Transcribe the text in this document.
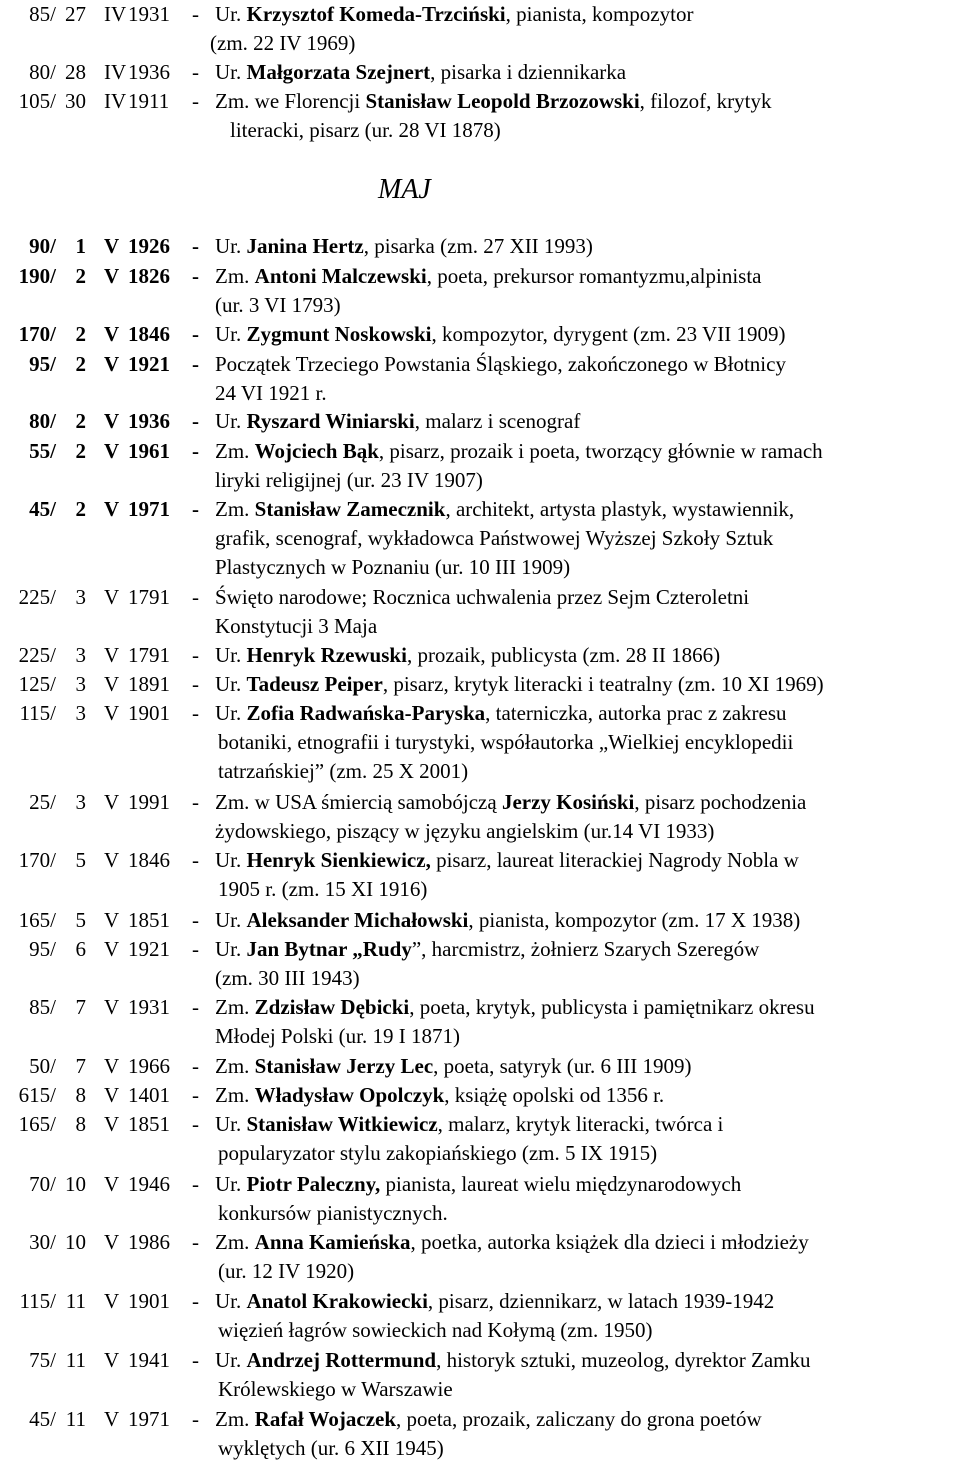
MAJ
85/ 27 IV 1931 - Ur. Krzysztof Komeda-Trzciński, pianista, kompozytor
(zm. 22 IV 1969)
80/ 28 IV 1936 - Ur. Małgorzata Szejnert, pisarka i dziennikarka
105/ 30 IV 1911 - Zm. we Florencji Stanisław Leopold Brzozowski, filozof, krytyk
literacki, pisarz (ur. 28 VI 1878)
90/ 1 V 1926 - Ur. Janina Hertz, pisarka (zm. 27 XII 1993)
190/ 2 V 1826 - Zm. Antoni Malczewski, poeta, prekursor romantyzmu,alpinista
(ur. 3 VI 1793)
170/ 2 V 1846 - Ur. Zygmunt Noskowski, kompozytor, dyrygent (zm. 23 VII 1909)
95/ 2 V 1921 - Początek Trzeciego Powstania Śląskiego, zakończonego w Błotnicy
24 VI 1921 r.
80/ 2 V 1936 - Ur. Ryszard Winiarski, malarz i scenograf
55/ 2 V 1961 - Zm. Wojciech Bąk, pisarz, prozaik i poeta, tworzący głównie w ramach
liryki religijnej (ur. 23 IV 1907)
45/ 2 V 1971 - Zm. Stanisław Zamecznik, architekt, artysta plastyk, wystawiennik,
grafik, scenograf, wykładowca Państwowej Wyższej Szkoły Sztuk
Plastycznych w Poznaniu (ur. 10 III 1909)
225/ 3 V 1791 - Święto narodowe; Rocznica uchwalenia przez Sejm Czteroletni
Konstytucji 3 Maja
225/ 3 V 1791 - Ur. Henryk Rzewuski, prozaik, publicysta (zm. 28 II 1866)
125/ 3 V 1891 - Ur. Tadeusz Peiper, pisarz, krytyk literacki i teatralny (zm. 10 XI 1969)
115/ 3 V 1901 - Ur. Zofia Radwańska-Paryska, taterniczka, autorka prac z zakresu
botaniki, etnografii i turystyki, współautorka „Wielkiej encyklopedii
tatrzańskiej” (zm. 25 X 2001)
25/ 3 V 1991 - Zm. w USA śmiercią samobójczą Jerzy Kosiński, pisarz pochodzenia
żydowskiego, piszący w języku angielskim (ur.14 VI 1933)
170/ 5 V 1846 - Ur. Henryk Sienkiewicz, pisarz, laureat literackiej Nagrody Nobla w
1905 r. (zm. 15 XI 1916)
165/ 5 V 1851 - Ur. Aleksander Michałowski, pianista, kompozytor (zm. 17 X 1938)
95/ 6 V 1921 - Ur. Jan Bytnar „Rudy”, harcmistrz, żołnierz Szarych Szeregów
(zm. 30 III 1943)
85/ 7 V 1931 - Zm. Zdzisław Dębicki, poeta, krytyk, publicysta i pamiętnikarz okresu
Młodej Polski (ur. 19 I 1871)
50/ 7 V 1966 - Zm. Stanisław Jerzy Lec, poeta, satyryk (ur. 6 III 1909)
615/ 8 V 1401 - Zm. Władysław Opolczyk, książę opolski od 1356 r.
165/ 8 V 1851 - Ur. Stanisław Witkiewicz, malarz, krytyk literacki, twórca i
popularyzator stylu zakopiańskiego (zm. 5 IX 1915)
70/ 10 V 1946 - Ur. Piotr Paleczny, pianista, laureat wielu międzynarodowych
konkursów pianistycznych.
30/ 10 V 1986 - Zm. Anna Kamieńska, poetka, autorka książek dla dzieci i młodzieży
(ur. 12 IV 1920)
115/ 11 V 1901 - Ur. Anatol Krakowiecki, pisarz, dziennikarz, w latach 1939-1942
więzień łagrów sowieckich nad Kołymą (zm. 1950)
75/ 11 V 1941 - Ur. Andrzej Rottermund, historyk sztuki, muzeolog, dyrektor Zamku
Królewskiego w Warszawie
45/ 11 V 1971 - Zm. Rafał Wojaczek, poeta, prozaik, zaliczany do grona poetów
wyklętych (ur. 6 XII 1945)
